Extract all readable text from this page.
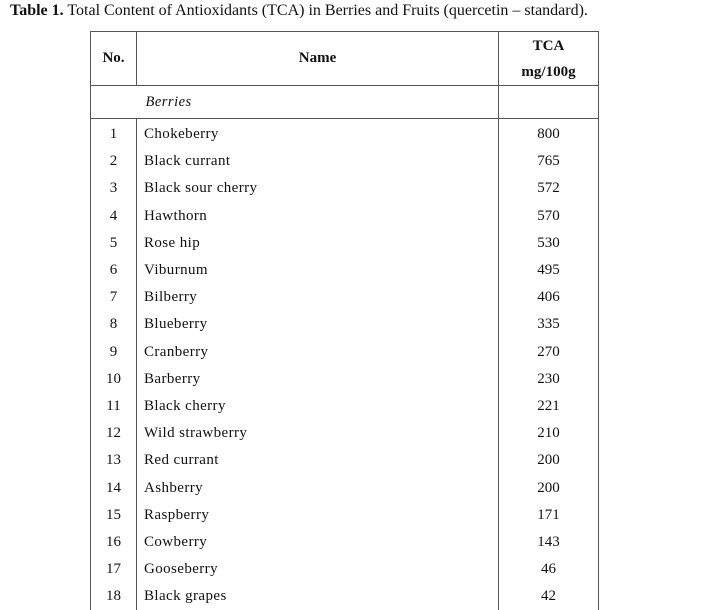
Table 1. Total Content of Antioxidants (TCA) in Berries and Fruits (quercetin – standard).
No.	Name	TCA
mg/100g

	Berries	
1	Chokeberry	800
2	Black currant	765
3	Black sour cherry	572
4	Hawthorn	570
5	Rose hip	530
6	Viburnum	495
7	Bilberry	406
8	Blueberry	335
9	Cranberry	270
10	Barberry	230
11	Black cherry	221
12	Wild strawberry	210
13	Red currant	200
14	Ashberry	200
15	Raspberry	171
16	Cowberry	143
17	Gooseberry	46
18	Black grapes	42
